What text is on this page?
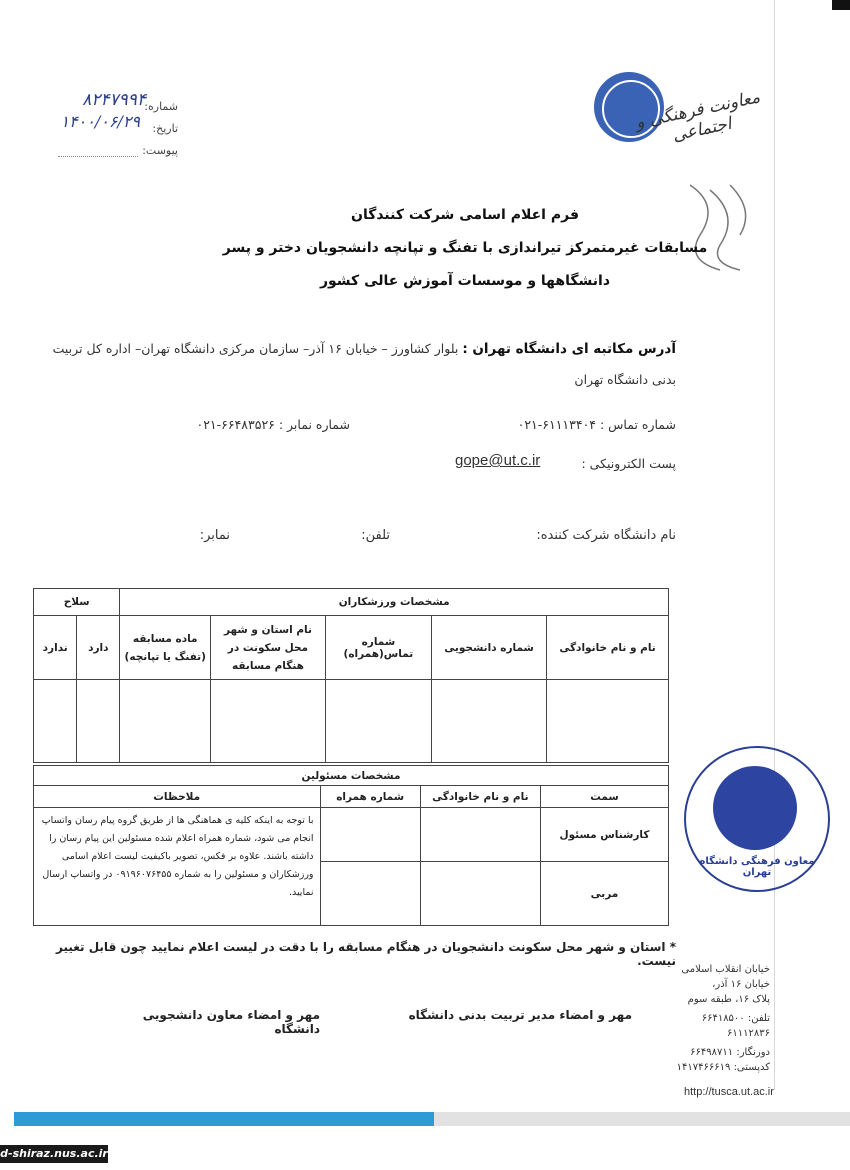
معاونت فرهنگی و اجتماعی
شماره:
۸۲۴۷۹۹۴
تاریخ:
۱۴۰۰/۰۶/۲۹
پیوست:
فرم اعلام اسامی شرکت کنندگان
مسابقات غیرمتمرکز تیراندازی با تفنگ و تپانچه دانشجویان دختر و پسر
دانشگاهها و موسسات آموزش عالی کشور
آدرس مکاتبه ای دانشگاه تهران : بلوار کشاورز – خیابان ۱۶ آذر– سازمان مرکزی دانشگاه تهران– اداره کل تربیت
بدنی دانشگاه تهران
شماره تماس : ۶۱۱۱۳۴۰۴-۰۲۱
شماره نمابر : ۶۶۴۸۳۵۲۶-۰۲۱
پست الکترونیکی :
gope@ut.c.ir
نام دانشگاه شرکت کننده:
تلفن:
نمابر:
مشخصات ورزشکاران					سلاح	
نام و نام خانوادگی	شماره دانشجویی	شماره تماس(همراه)	نام استان و شهر محل سکونت در هنگام مسابقه	ماده مسابقه (تفنگ یا تپانچه)	دارد	ندارد

مشخصات مسئولین			
سمت	نام و نام خانوادگی	شماره همراه	ملاحظات
کارشناس مسئول			با توجه به اینکه کلیه ی هماهنگی ها از طریق گروه پیام رسان واتساپ انجام می شود، شماره همراه اعلام شده مسئولین این پیام رسان را داشته باشند. علاوه بر فکس، تصویر باکیفیت لیست اعلام اسامی ورزشکاران و مسئولین را به شماره ۰۹۱۹۶۰۷۶۴۵۵ در واتساپ ارسال نمایید.
مربی			
* استان و شهر محل سکونت دانشجویان در هنگام مسابقه را با دقت در لیست اعلام نمایید چون قابل تغییر نیست.
مهر و امضاء مدیر تربیت بدنی دانشگاه
مهر و امضاء معاون دانشجویی دانشگاه
معاون فرهنگی دانشگاه تهران
خیابان انقلاب اسلامی
خیابان ۱۶ آذر،
پلاک ۱۶، طبقه سوم
تلفن: ۶۶۴۱۸۵۰۰
۶۱۱۱۲۸۳۶
دورنگار: ۶۶۴۹۸۷۱۱
کدپستی: ۱۴۱۷۴۶۶۶۱۹
http://tusca.ut.ac.ir
d-shiraz.nus.ac.ir
